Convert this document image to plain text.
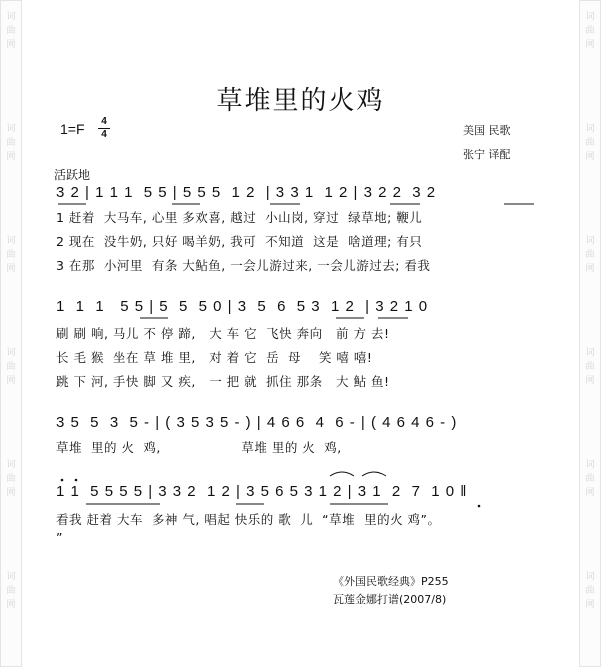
词
曲
网
词
曲
网
词
曲
网
词
曲
网
词
曲
网
词
曲
网
词
曲
网
词
曲
网
词
曲
网
词
曲
网
词
曲
网
词
曲
网
草堆里的火鸡
1=F	4
4	美国 民歌
张宁 译配
活跃地
3 2 | 1 1 1  5 5 | 5 5 5  1 2  | 3 3 1  1 2 | 3 2 2  3 2
1 赶着  大马车, 心里 多欢喜, 越过  小山岗, 穿过  绿草地; 鞭儿
2 现在  没牛奶, 只好 喝羊奶, 我可  不知道  这是  啥道理; 有只
3 在那  小河里  有条 大鲇鱼, 一会儿游过来, 一会儿游过去; 看我
1  1  1   5 5 | 5  5  5 0 | 3  5  6  5 3  1 2  | 3 2 1 0
刷 刷 响, 马儿 不 停 蹄,   大 车 它  飞快 奔向   前 方 去!
长 毛 猴  坐在 草 堆 里,   对 着 它  岳  母    笑 嘻 嘻!
跳 下 河, 手快 脚 又 疾,   一 把 就  抓住 那条   大 鲇 鱼!
3 5  5  3  5 - | ( 3 5 3 5 - ) | 4 6 6  4  6 - | ( 4 6 4 6 - )
草堆  里的 火  鸡,                  草堆 里的 火  鸡,
1 1  5 5 5 5 | 3 3 2  1 2 | 3 5 6 5 3 1 2 | 3 1  2  7  1 0 ‖
看我 赶着 大车  多神 气, 唱起 快乐的 歌  儿  “草堆  里的火 鸡”。
”
《外国民歌经典》P255
瓦莲金娜打谱(2007/8)
